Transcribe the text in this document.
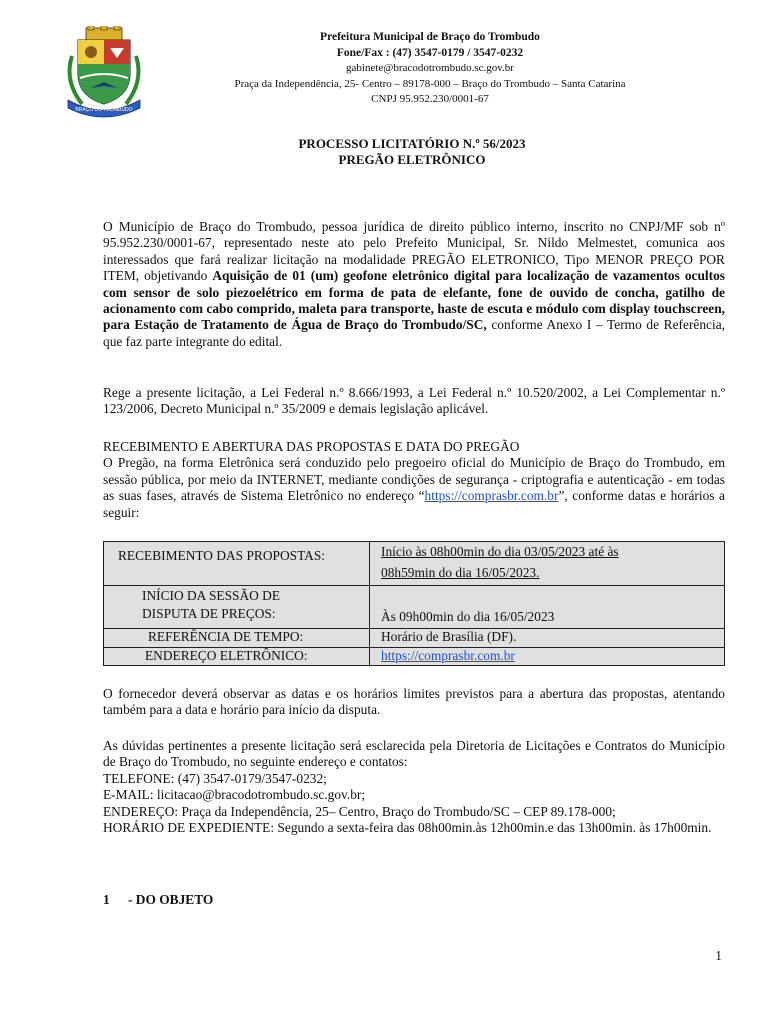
BRAÇO DO TROMBUDO
Prefeitura Municipal de Braço do Trombudo
Fone/Fax : (47) 3547-0179 / 3547-0232
gabinete@bracodotrombudo.sc.gov.br
Praça da Independência, 25- Centro – 89178-000 – Braço do Trombudo – Santa Catarina
CNPJ 95.952.230/0001-67
PROCESSO LICITATÓRIO N.º 56/2023
PREGÃO ELETRÔNICO

O Município de Braço do Trombudo, pessoa jurídica de direito público interno, inscrito no CNPJ/MF sob nº 95.952.230/0001-67, representado neste ato pelo Prefeito Municipal, Sr. Nildo Melmestet, comunica aos interessados que fará realizar licitação na modalidade PREGÃO ELETRONICO, Tipo MENOR PREÇO POR ITEM, objetivando Aquisição de 01 (um) geofone eletrônico digital para localização de vazamentos ocultos com sensor de solo piezoelétrico em forma de pata de elefante, fone de ouvido de concha, gatilho de acionamento com cabo comprido, maleta para transporte, haste de escuta e módulo com display touchscreen, para Estação de Tratamento de Água de Braço do Trombudo/SC, conforme Anexo I – Termo de Referência, que faz parte integrante do edital.

Rege a presente licitação, a Lei Federal n.º 8.666/1993, a Lei Federal n.º 10.520/2002, a Lei Complementar n.º 123/2006, Decreto Municipal n.º 35/2009 e demais legislação aplicável.

RECEBIMENTO E ABERTURA DAS PROPOSTAS E DATA DO PREGÃO

O Pregão, na forma Eletrônica será conduzido pelo pregoeiro oficial do Município de Braço do Trombudo, em sessão pública, por meio da INTERNET, mediante condições de segurança - criptografia e autenticação - em todas as suas fases, através de Sistema Eletrônico no endereço “https://comprasbr.com.br”, conforme datas e horários a seguir:

RECEBIMENTO DAS PROPOSTAS:	Início às 08h00min do dia 03/05/2023 até às
08h59min do dia 16/05/2023.
INÍCIO DA SESSÃO DE
DISPUTA DE PREÇOS:	Às 09h00min do dia 16/05/2023
REFERÊNCIA DE TEMPO:	Horário de Brasília (DF).
ENDEREÇO ELETRÔNICO:	https://comprasbr.com.br

O fornecedor deverá observar as datas e os horários limites previstos para a abertura das propostas, atentando também para a data e horário para início da disputa.

As dúvidas pertinentes a presente licitação será esclarecida pela Diretoria de Licitações e Contratos do Município de Braço do Trombudo, no seguinte endereço e contatos:

TELEFONE: (47) 3547-0179/3547-0232;

E-MAIL: licitacao@bracodotrombudo.sc.gov.br;

ENDEREÇO: Praça da Independência, 25– Centro, Braço do Trombudo/SC – CEP 89.178-000;

HORÁRIO DE EXPEDIENTE: Segundo a sexta-feira das 08h00min.às 12h00min.e das 13h00min. às 17h00min.

1 - DO OBJETO
1
